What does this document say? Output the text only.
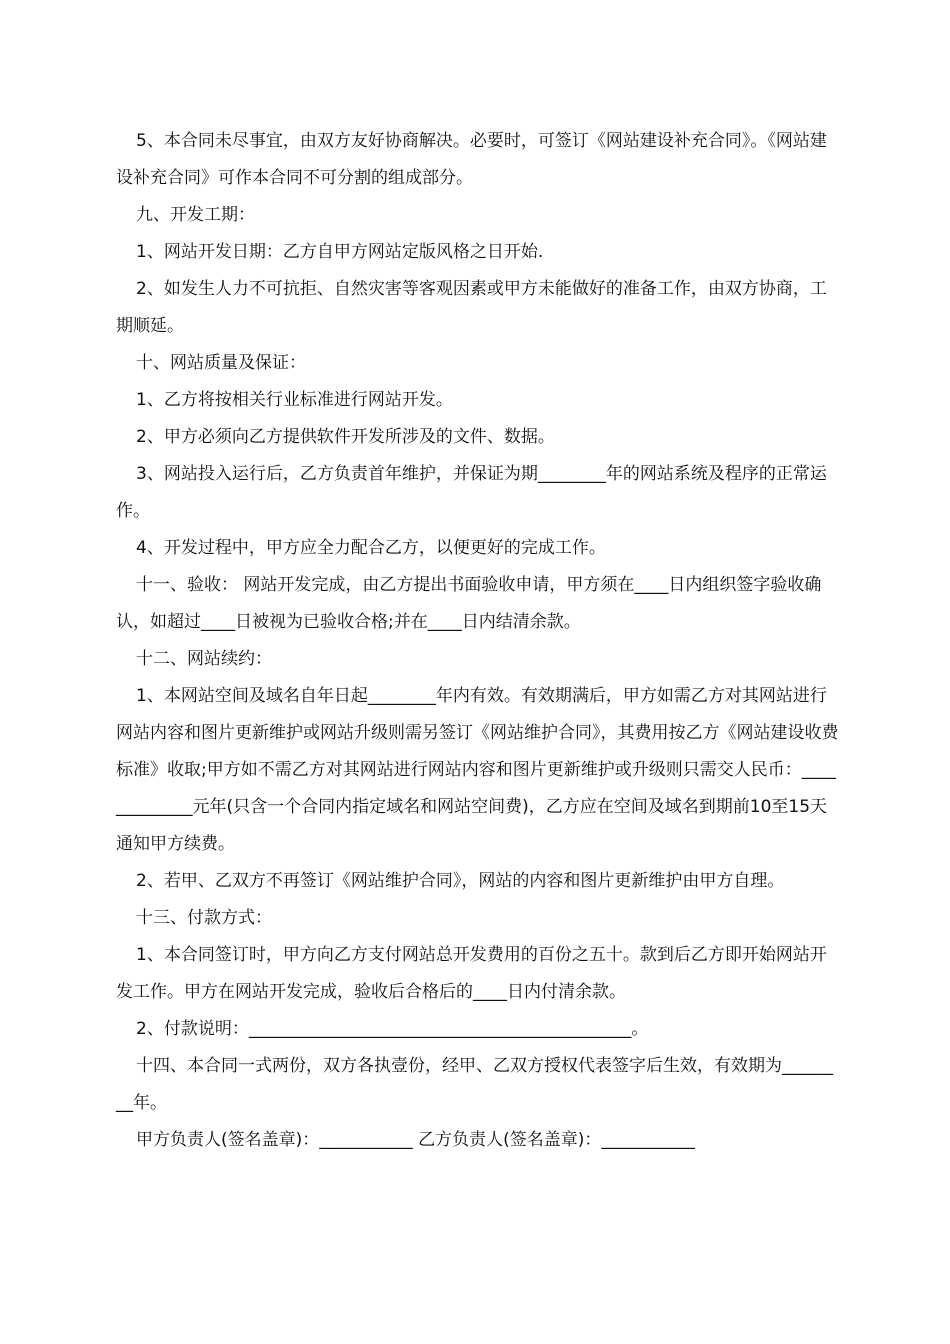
5、本合同未尽事宜，由双方友好协商解决。必要时，可签订《网站建设补充合同》。《网站建设补充合同》可作本合同不可分割的组成部分。

九、开发工期：

1、网站开发日期：乙方自甲方网站定版风格之日开始.

2、如发生人力不可抗拒、自然灾害等客观因素或甲方未能做好的准备工作，由双方协商，工期顺延。

十、网站质量及保证：

1、乙方将按相关行业标准进行网站开发。

2、甲方必须向乙方提供软件开发所涉及的文件、数据。

3、网站投入运行后，乙方负责首年维护，并保证为期________年的网站系统及程序的正常运作。

4、开发过程中，甲方应全力配合乙方，以便更好的完成工作。

十一、验收： 网站开发完成，由乙方提出书面验收申请，甲方须在____日内组织签字验收确认，如超过____日被视为已验收合格;并在____日内结清余款。

十二、网站续约：

1、本网站空间及域名自年日起________年内有效。有效期满后，甲方如需乙方对其网站进行网站内容和图片更新维护或网站升级则需另签订《网站维护合同》，其费用按乙方《网站建设收费标准》收取;甲方如不需乙方对其网站进行网站内容和图片更新维护或升级则只需交人民币：_____________元年(只含一个合同内指定域名和网站空间费)，乙方应在空间及域名到期前10至15天通知甲方续费。

2、若甲、乙双方不再签订《网站维护合同》，网站的内容和图片更新维护由甲方自理。

十三、付款方式：

1、本合同签订时，甲方向乙方支付网站总开发费用的百份之五十。款到后乙方即开始网站开发工作。甲方在网站开发完成，验收后合格后的____日内付清余款。

2、付款说明：_____________________________________________。

十四、本合同一式两份，双方各执壹份，经甲、乙双方授权代表签字后生效，有效期为________年。

甲方负责人(签名盖章)：___________ 乙方负责人(签名盖章)：___________
